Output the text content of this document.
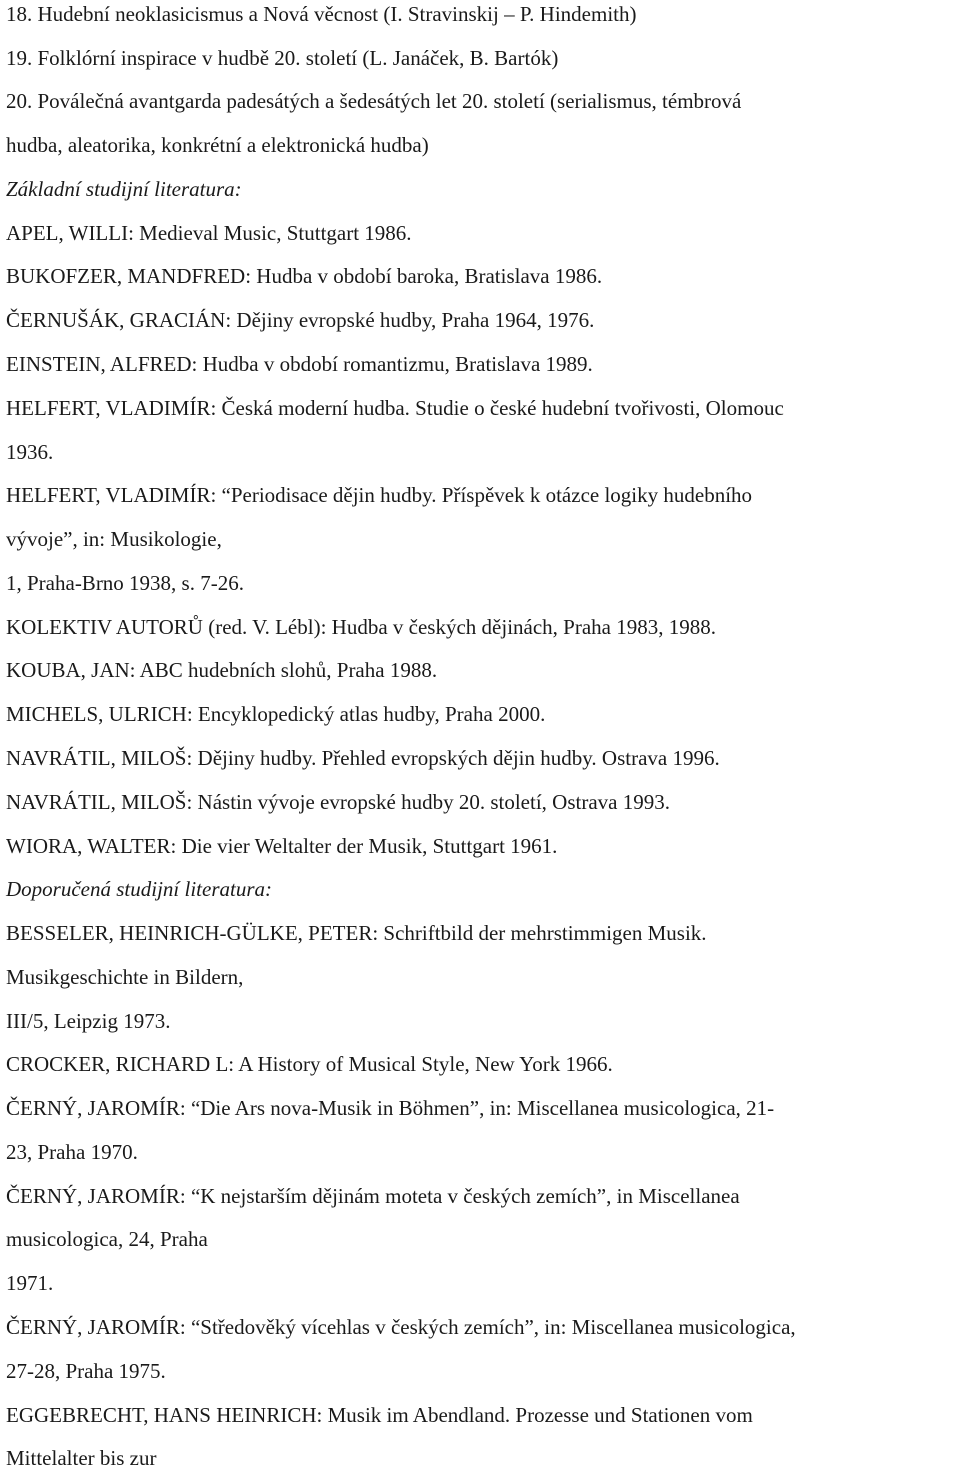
18. Hudební neoklasicismus a Nová věcnost (I. Stravinskij – P. Hindemith)
19. Folklórní inspirace v hudbě 20. století (L. Janáček, B. Bartók)
20. Poválečná avantgarda padesátých a šedesátých let 20. století (serialismus, témbrová
hudba, aleatorika, konkrétní a elektronická hudba)
Základní studijní literatura:
APEL, WILLI: Medieval Music, Stuttgart 1986.
BUKOFZER, MANDFRED: Hudba v období baroka, Bratislava 1986.
ČERNUŠÁK, GRACIÁN: Dějiny evropské hudby, Praha 1964, 1976.
EINSTEIN, ALFRED: Hudba v období romantizmu, Bratislava 1989.
HELFERT, VLADIMÍR: Česká moderní hudba. Studie o české hudební tvořivosti, Olomouc
1936.
HELFERT, VLADIMÍR: “Periodisace dějin hudby. Příspěvek k otázce logiky hudebního
vývoje”, in: Musikologie,
1, Praha-Brno 1938, s. 7-26.
KOLEKTIV AUTORŮ (red. V. Lébl): Hudba v českých dějinách, Praha 1983, 1988.
KOUBA, JAN: ABC hudebních slohů, Praha 1988.
MICHELS, ULRICH: Encyklopedický atlas hudby, Praha 2000.
NAVRÁTIL, MILOŠ: Dějiny hudby. Přehled evropských dějin hudby. Ostrava 1996.
NAVRÁTIL, MILOŠ: Nástin vývoje evropské hudby 20. století, Ostrava 1993.
WIORA, WALTER: Die vier Weltalter der Musik, Stuttgart 1961.
Doporučená studijní literatura:
BESSELER, HEINRICH-GÜLKE, PETER: Schriftbild der mehrstimmigen Musik.
Musikgeschichte in Bildern,
III/5, Leipzig 1973.
CROCKER, RICHARD L: A History of Musical Style, New York 1966.
ČERNÝ, JAROMÍR: “Die Ars nova-Musik in Böhmen”, in: Miscellanea musicologica, 21-
23, Praha 1970.
ČERNÝ, JAROMÍR: “K nejstarším dějinám moteta v českých zemích”, in Miscellanea
musicologica, 24, Praha
1971.
ČERNÝ, JAROMÍR: “Středověký vícehlas v českých zemích”, in: Miscellanea musicologica,
27-28, Praha 1975.
EGGEBRECHT, HANS HEINRICH: Musik im Abendland. Prozesse und Stationen vom
Mittelalter bis zur
